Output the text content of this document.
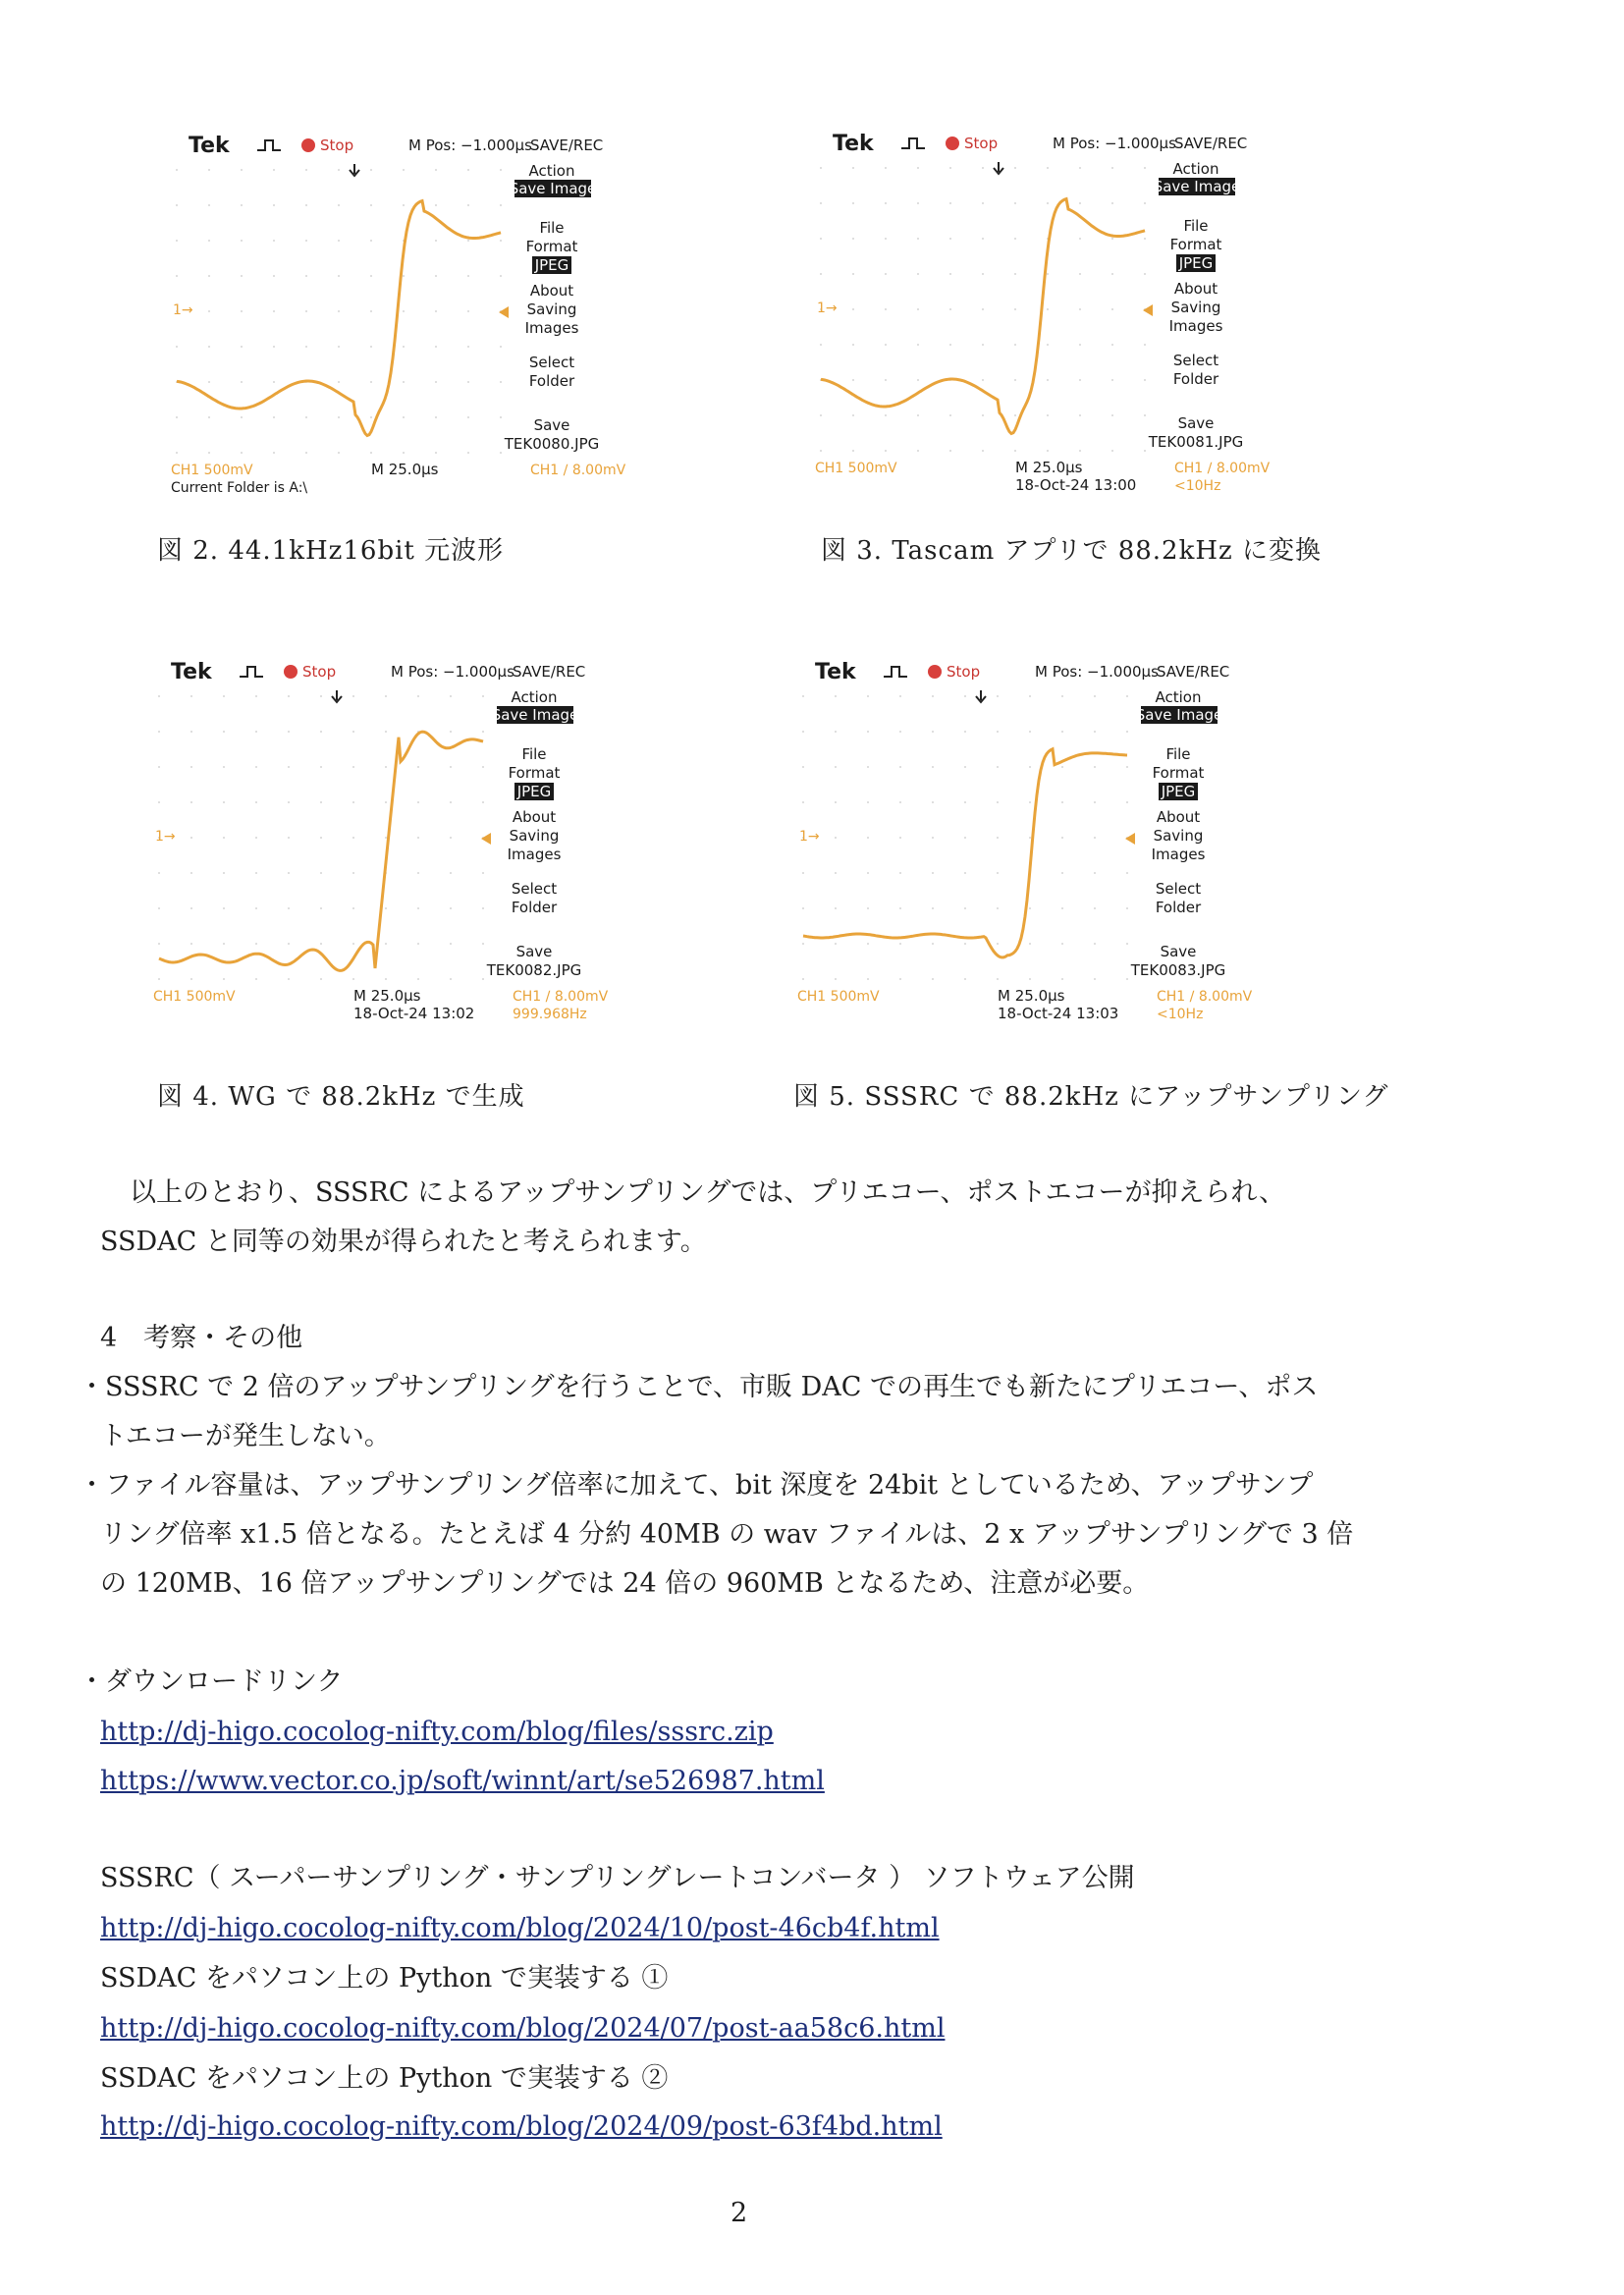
Tek	Stop	M Pos: −1.000µs
SAVE/REC
1→
Action
Save Image
File
Format
JPEG
About
Saving
Images
Select
Folder
Save
TEK0080.JPG
CH1 500mV	M 25.0µs	CH1 ∕ 8.00mV
Current Folder is A:\
Tek	Stop	M Pos: −1.000µs
SAVE/REC
1→
Action
Save Image
File
Format
JPEG
About
Saving
Images
Select
Folder
Save
TEK0081.JPG
CH1 500mV	M 25.0µs
18-Oct-24 13:00
CH1 ∕ 8.00mV
<10Hz
Tek	Stop	M Pos: −1.000µs
SAVE/REC
1→
Action
Save Image
File
Format
JPEG
About
Saving
Images
Select
Folder
Save
TEK0082.JPG
CH1 500mV	M 25.0µs
18-Oct-24 13:02
CH1 ∕ 8.00mV
999.968Hz
Tek	Stop	M Pos: −1.000µs
SAVE/REC
1→
Action
Save Image
File
Format
JPEG
About
Saving
Images
Select
Folder
Save
TEK0083.JPG
CH1 500mV	M 25.0µs
18-Oct-24 13:03
CH1 ∕ 8.00mV
<10Hz
図 2. 44.1kHz16bit 元波形	図 3. Tascam アプリで 88.2kHz に変換
図 4. WG で 88.2kHz で生成	図 5. SSSRC で 88.2kHz にアップサンプリング
以上のとおり、SSSRC によるアップサンプリングでは、プリエコー、ポストエコーが抑えられ、
SSDAC と同等の効果が得られたと考えられます。
4　考察・その他
・SSSRC で 2 倍のアップサンプリングを行うことで、市販 DAC での再生でも新たにプリエコー、ポス
トエコーが発生しない。
・ファイル容量は、アップサンプリング倍率に加えて、bit 深度を 24bit としているため、アップサンプ
リング倍率 x1.5 倍となる。たとえば 4 分約 40MB の wav ファイルは、2 x アップサンプリングで 3 倍
の 120MB、16 倍アップサンプリングでは 24 倍の 960MB となるため、注意が必要。
・ダウンロードリンク
http://dj-higo.cocolog-nifty.com/blog/files/sssrc.zip
https://www.vector.co.jp/soft/winnt/art/se526987.html
SSSRC（ スーパーサンプリング・サンプリングレートコンバータ ） ソフトウェア公開
http://dj-higo.cocolog-nifty.com/blog/2024/10/post-46cb4f.html
SSDAC をパソコン上の Python で実装する ①
http://dj-higo.cocolog-nifty.com/blog/2024/07/post-aa58c6.html
SSDAC をパソコン上の Python で実装する ②
http://dj-higo.cocolog-nifty.com/blog/2024/09/post-63f4bd.html
2
